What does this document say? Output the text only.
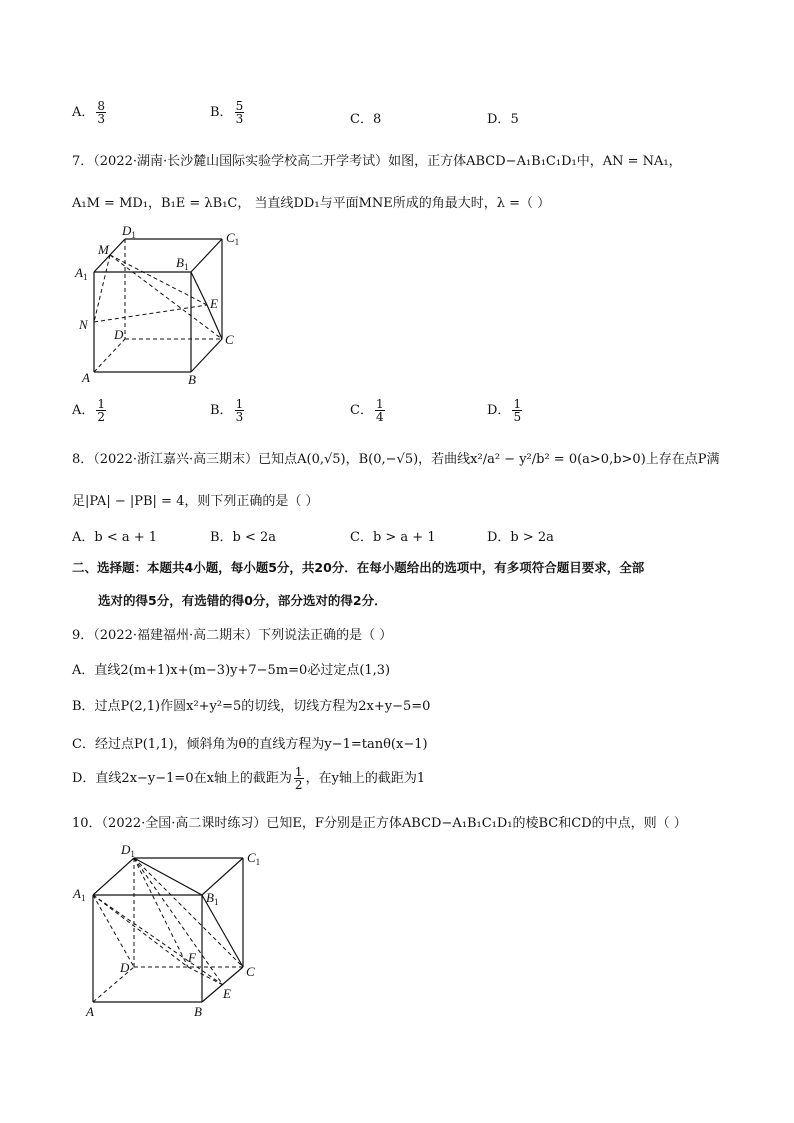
A． $\frac{8}{3}$	B． $\frac{5}{3}$	C．8	D．5
7．（2022·湖南·长沙麓山国际实验学校高二开学考试）如图，正方体ABCD−A₁B₁C₁D₁中，AN = NA₁，
A₁M = MD₁，B₁E = λB₁C， 当直线DD₁与平面MNE所成的角最大时，λ =（ ）
$D_1$	$C_1$
M
$A_1$
$B_1$
E
N
D	C
A	B
A． $\frac{1}{2}$	B． $\frac{1}{3}$	C． $\frac{1}{4}$	D． $\frac{1}{5}$
8．（2022·浙江嘉兴·高三期末）已知点A(0,√5)，B(0,−√5)，若曲线x²/a² − y²/b² = 0(a>0,b>0)上存在点P满
足|PA| − |PB| = 4，则下列正确的是（ ）
A．b < a + 1	B．b < 2a	C．b > a + 1	D．b > 2a
二、选择题：本题共4小题，每小题5分，共20分．在每小题给出的选项中，有多项符合题目要求，全部
选对的得5分，有选错的得0分，部分选对的得2分．
9．（2022·福建福州·高二期末）下列说法正确的是（ ）
A．直线2(m+1)x+(m−3)y+7−5m=0必过定点(1,3)
B．过点P(2,1)作圆x²+y²=5的切线，切线方程为2x+y−5=0
C．经过点P(1,1)，倾斜角为θ的直线方程为y−1=tanθ(x−1)
D．直线2x−y−1=0在x轴上的截距为 $\frac{1}{2}$ ，在y轴上的截距为1
10．（2022·全国·高二课时练习）已知E，F分别是正方体ABCD−A₁B₁C₁D₁的棱BC和CD的中点，则（ ）
$D_1$	$C_1$
$A_1$	$B_1$
D
F
C
E
A	B
